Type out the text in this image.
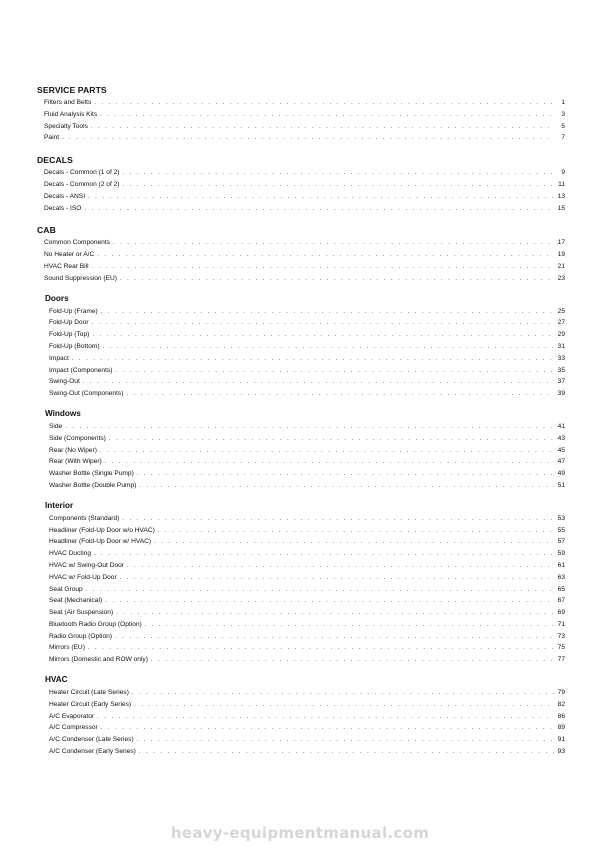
SERVICE PARTS
Filters and Belts . . .	1
Fluid Analysis Kits . . .	3
Specialty Tools . . .	5
Paint . . .	7
DECALS
Decals - Common (1 of 2) . . .	9
Decals - Common (2 of 2) . . .	11
Decals - ANSI . . .	13
Decals - ISO . . .	15
CAB
Common Components . . .	17
No Heater or A/C . . .	19
HVAC Rear Bill . . .	21
Sound Suppression (EU) . . .	23
Doors
Fold-Up (Frame) . . .	25
Fold-Up Door . . .	27
Fold-Up (Top) . . .	29
Fold-Up (Bottom) . . .	31
Impact . . .	33
Impact (Components) . . .	35
Swing-Out . . .	37
Swing-Out (Components) . . .	39
Windows
Side . . .	41
Side (Components) . . .	43
Rear (No Wiper) . . .	45
Rear (With Wiper) . . .	47
Washer Bottle (Single Pump) . . .	49
Washer Bottle (Double Pump) . . .	51
Interior
Components (Standard) . . .	53
Headliner (Fold-Up Door w/o HVAC) . . .	55
Headliner (Fold-Up Door w/ HVAC) . . .	57
HVAC Ducting . . .	59
HVAC w/ Swing-Out Door . . .	61
HVAC w/ Fold-Up Door . . .	63
Seat Group . . .	65
Seat (Mechanical) . . .	67
Seat (Air Suspension) . . .	69
Bluetooth Radio Group (Option) . . .	71
Radio Group (Option) . . .	73
Mirrors (EU) . . .	75
Mirrors (Domestic and ROW only) . . .	77
HVAC
Heater Circuit (Late Series) . . .	79
Heater Circuit (Early Series) . . .	82
A/C Evaporator . . .	86
A/C Compressor . . .	89
A/C Condenser (Late Series) . . .	91
A/C Condenser (Early Series) . . .	93
heavy-equipmentmanual.com
